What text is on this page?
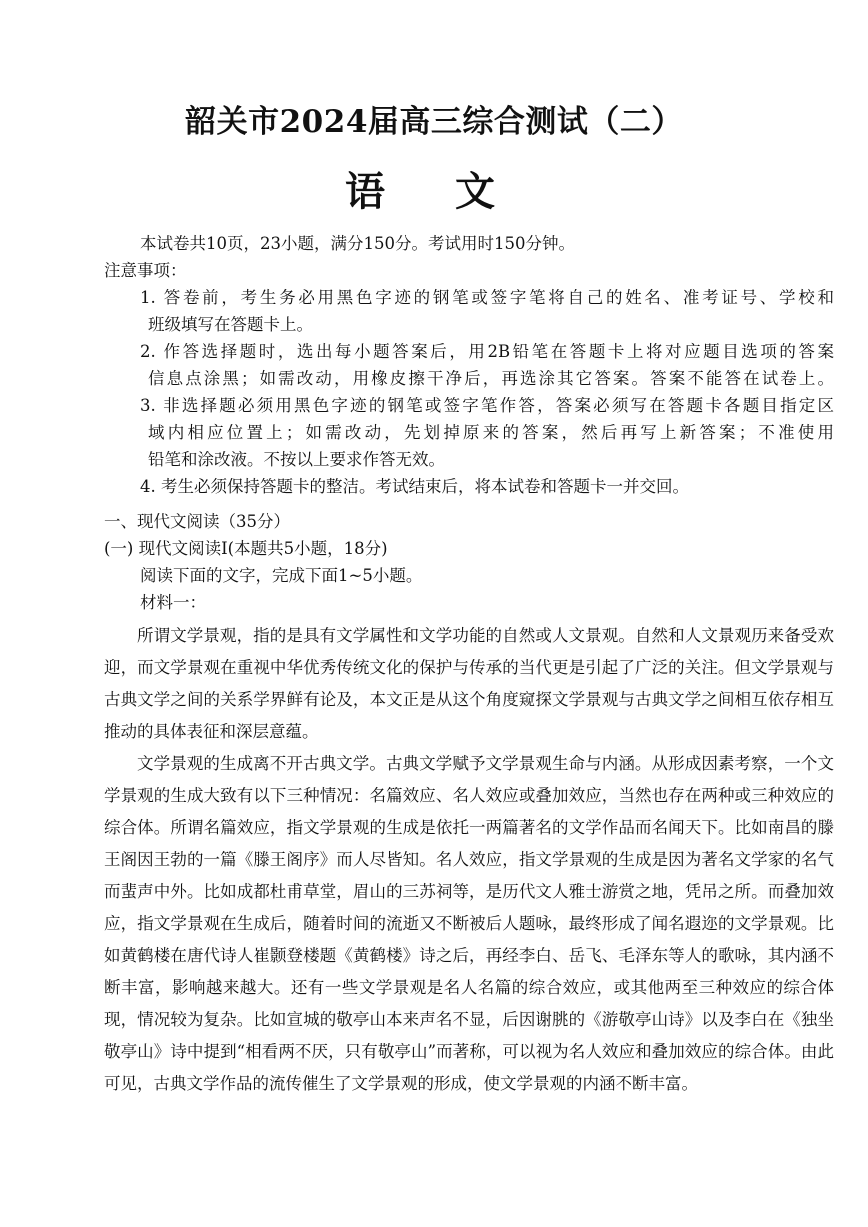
韶关市2024届高三综合测试（二）
语 文
本试卷共10页，23小题，满分150分。考试用时150分钟。
注意事项：
1. 答卷前，考生务必用黑色字迹的钢笔或签字笔将自己的姓名、准考证号、学校和
班级填写在答题卡上。
2. 作答选择题时，选出每小题答案后，用2B铅笔在答题卡上将对应题目选项的答案
信息点涂黑；如需改动，用橡皮擦干净后，再选涂其它答案。答案不能答在试卷上。
3. 非选择题必须用黑色字迹的钢笔或签字笔作答，答案必须写在答题卡各题目指定区
域内相应位置上；如需改动，先划掉原来的答案，然后再写上新答案；不准使用
铅笔和涂改液。不按以上要求作答无效。
4. 考生必须保持答题卡的整洁。考试结束后，将本试卷和答题卡一并交回。
一、现代文阅读（35分）
(一) 现代文阅读Ⅰ(本题共5小题，18分)
阅读下面的文字，完成下面1~5小题。
材料一：

所谓文学景观，指的是具有文学属性和文学功能的自然或人文景观。自然和人文景观历来备受欢迎，而文学景观在重视中华优秀传统文化的保护与传承的当代更是引起了广泛的关注。但文学景观与古典文学之间的关系学界鲜有论及，本文正是从这个角度窥探文学景观与古典文学之间相互依存相互推动的具体表征和深层意蕴。

文学景观的生成离不开古典文学。古典文学赋予文学景观生命与内涵。从形成因素考察，一个文学景观的生成大致有以下三种情况：名篇效应、名人效应或叠加效应，当然也存在两种或三种效应的综合体。所谓名篇效应，指文学景观的生成是依托一两篇著名的文学作品而名闻天下。比如南昌的滕王阁因王勃的一篇《滕王阁序》而人尽皆知。名人效应，指文学景观的生成是因为著名文学家的名气而蜚声中外。比如成都杜甫草堂，眉山的三苏祠等，是历代文人雅士游赏之地，凭吊之所。而叠加效应，指文学景观在生成后，随着时间的流逝又不断被后人题咏，最终形成了闻名遐迩的文学景观。比如黄鹤楼在唐代诗人崔颢登楼题《黄鹤楼》诗之后，再经李白、岳飞、毛泽东等人的歌咏，其内涵不断丰富，影响越来越大。还有一些文学景观是名人名篇的综合效应，或其他两至三种效应的综合体现，情况较为复杂。比如宣城的敬亭山本来声名不显，后因谢朓的《游敬亭山诗》以及李白在《独坐敬亭山》诗中提到“相看两不厌，只有敬亭山”而著称，可以视为名人效应和叠加效应的综合体。由此可见，古典文学作品的流传催生了文学景观的形成，使文学景观的内涵不断丰富。
